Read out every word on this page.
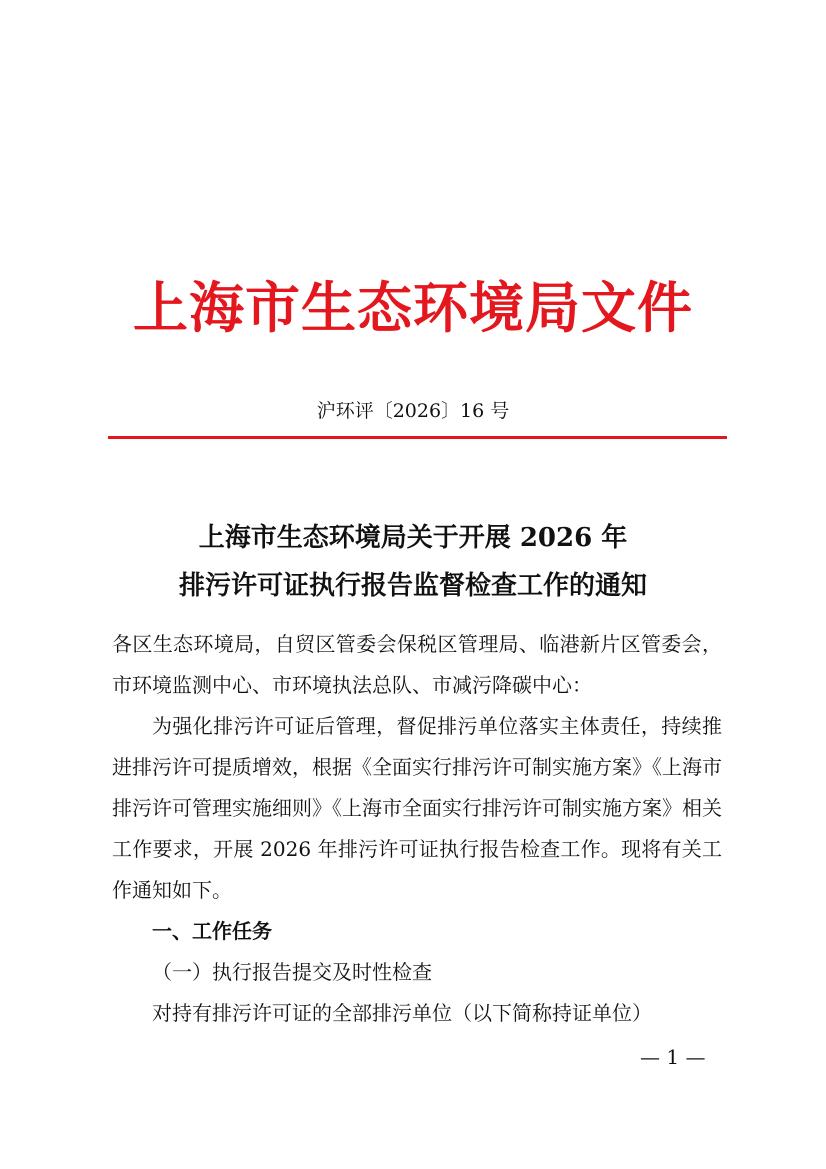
上海市生态环境局文件
沪环评〔2026〕16 号
上海市生态环境局关于开展 2026 年
排污许可证执行报告监督检查工作的通知

各区生态环境局，自贸区管委会保税区管理局、临港新片区管委会，市环境监测中心、市环境执法总队、市减污降碳中心：

为强化排污许可证后管理，督促排污单位落实主体责任，持续推进排污许可提质增效，根据《全面实行排污许可制实施方案》《上海市排污许可管理实施细则》《上海市全面实行排污许可制实施方案》相关工作要求，开展 2026 年排污许可证执行报告检查工作。现将有关工作通知如下。

一、工作任务

（一）执行报告提交及时性检查

对持有排污许可证的全部排污单位（以下简称持证单位）

— 1 —
